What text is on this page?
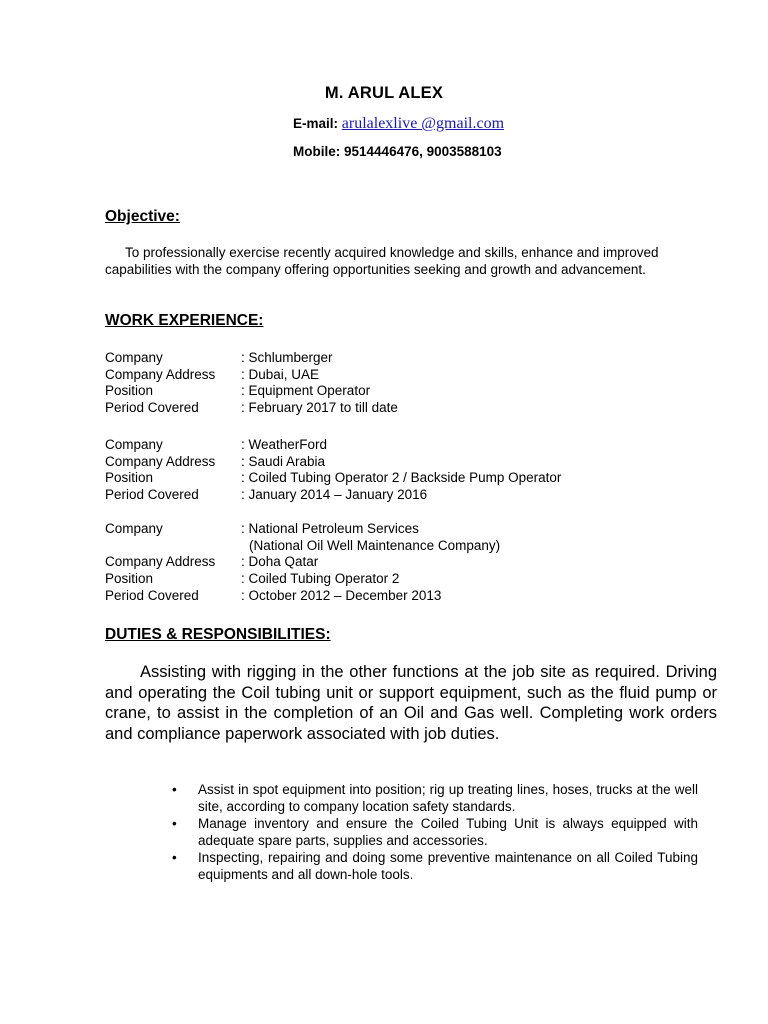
M. ARUL ALEX
E-mail: arulalexlive @gmail.com
Mobile: 9514446476, 9003588103
Objective:
To professionally exercise recently acquired knowledge and skills, enhance and improved capabilities with the company offering opportunities seeking and growth and advancement.
WORK EXPERIENCE:
Company	: Schlumberger
Company Address : Dubai, UAE
Position	: Equipment Operator
Period Covered	: February 2017 to till date
Company	: WeatherFord
Company Address : Saudi Arabia
Position	: Coiled Tubing Operator 2 / Backside Pump Operator
Period Covered	: January 2014 – January 2016
Company	: National Petroleum Services
(National Oil Well Maintenance Company)
Company Address : Doha Qatar
Position	: Coiled Tubing Operator 2
Period Covered	: October 2012 – December 2013
DUTIES & RESPONSIBILITIES:
Assisting with rigging in the other functions at the job site as required. Driving and operating the Coil tubing unit or support equipment, such as the fluid pump or crane, to assist in the completion of an Oil and Gas well. Completing work orders and compliance paperwork associated with job duties.
• Assist in spot equipment into position; rig up treating lines, hoses, trucks at the well site, according to company location safety standards.
• Manage inventory and ensure the Coiled Tubing Unit is always equipped with adequate spare parts, supplies and accessories.
• Inspecting, repairing and doing some preventive maintenance on all Coiled Tubing equipments and all down-hole tools.
